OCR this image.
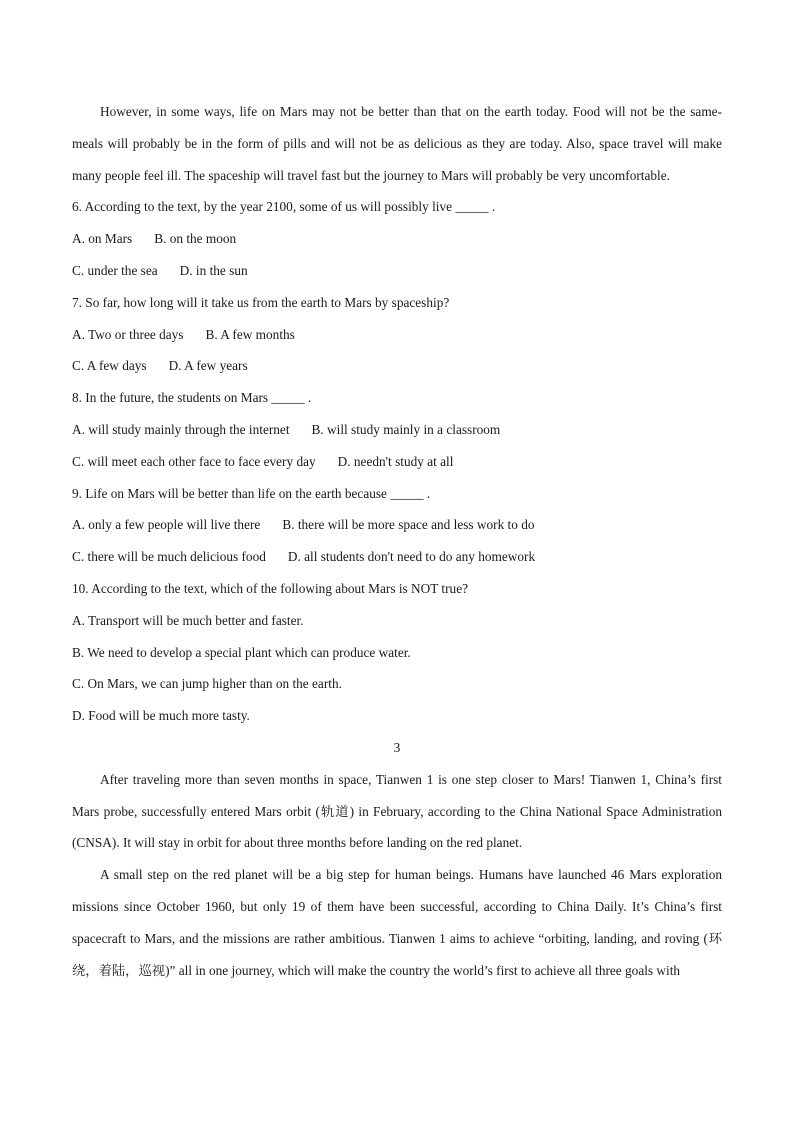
However, in some ways, life on Mars may not be better than that on the earth today. Food will not be the same-meals will probably be in the form of pills and will not be as delicious as they are today. Also, space travel will make many people feel ill. The spaceship will travel fast but the journey to Mars will probably be very uncomfortable.

6. According to the text, by the year 2100, some of us will possibly live _____ .

A. on Mars B. on the moon

C. under the sea D. in the sun

7. So far, how long will it take us from the earth to Mars by spaceship?

A. Two or three days B. A few months

C. A few days D. A few years

8. In the future, the students on Mars _____ .

A. will study mainly through the internet B. will study mainly in a classroom

C. will meet each other face to face every day D. needn't study at all

9. Life on Mars will be better than life on the earth because _____ .

A. only a few people will live there B. there will be more space and less work to do

C. there will be much delicious food D. all students don't need to do any homework

10. According to the text, which of the following about Mars is NOT true?

A. Transport will be much better and faster.

B. We need to develop a special plant which can produce water.

C. On Mars, we can jump higher than on the earth.

D. Food will be much more tasty.

3

After traveling more than seven months in space, Tianwen 1 is one step closer to Mars! Tianwen 1, China’s first Mars probe, successfully entered Mars orbit (轨道) in February, according to the China National Space Administration (CNSA). It will stay in orbit for about three months before landing on the red planet.

A small step on the red planet will be a big step for human beings. Humans have launched 46 Mars exploration missions since October 1960, but only 19 of them have been successful, according to China Daily. It’s China’s first spacecraft to Mars, and the missions are rather ambitious. Tianwen 1 aims to achieve “orbiting, landing, and roving (环绕，着陆，巡视)” all in one journey, which will make the country the world’s first to achieve all three goals with
